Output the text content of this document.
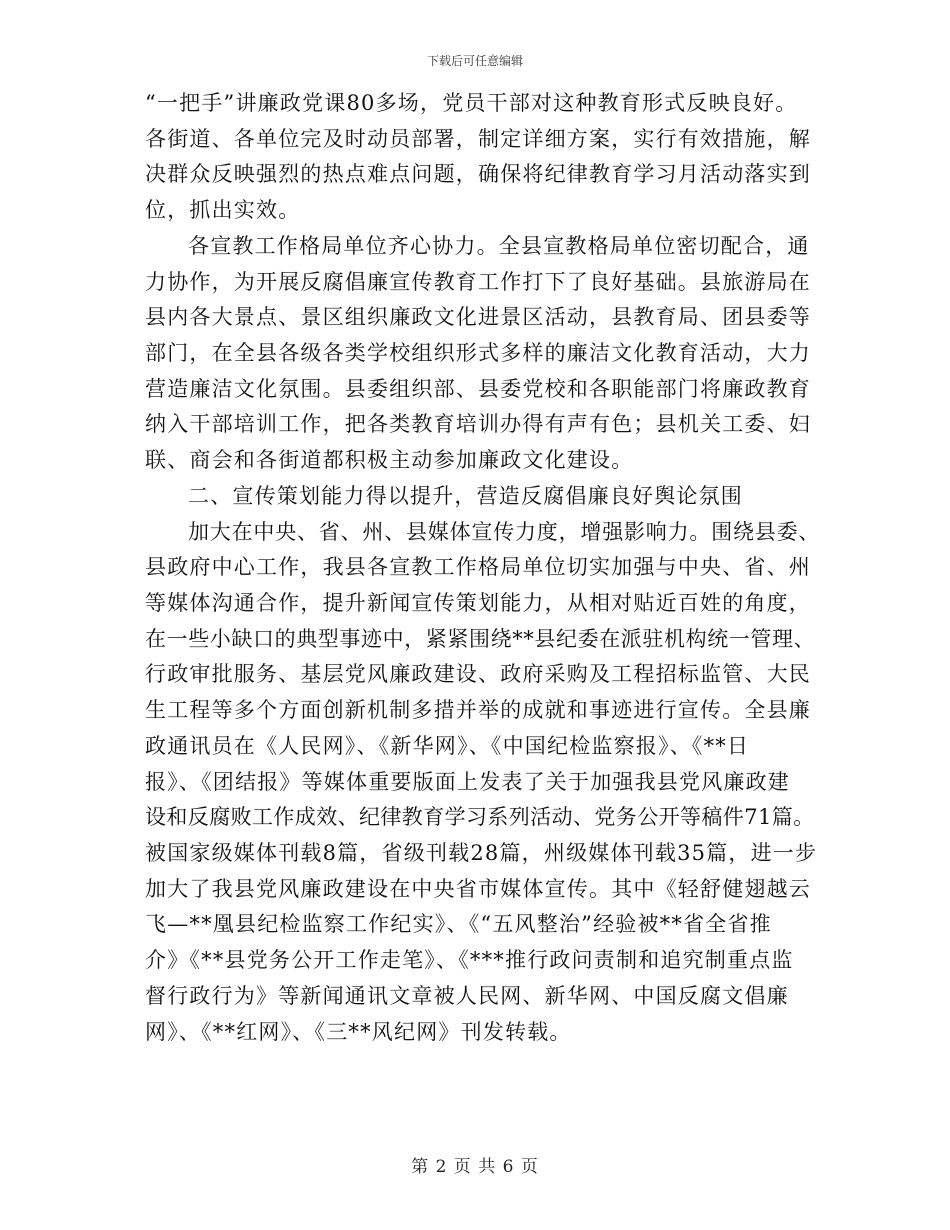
下载后可任意编辑
“一把手”讲廉政党课80多场，党员干部对这种教育形式反映良好。
各街道、各单位完及时动员部署，制定详细方案，实行有效措施，解
决群众反映强烈的热点难点问题，确保将纪律教育学习月活动落实到
位，抓出实效。
各宣教工作格局单位齐心协力。全县宣教格局单位密切配合，通
力协作，为开展反腐倡廉宣传教育工作打下了良好基础。县旅游局在
县内各大景点、景区组织廉政文化进景区活动，县教育局、团县委等
部门，在全县各级各类学校组织形式多样的廉洁文化教育活动，大力
营造廉洁文化氛围。县委组织部、县委党校和各职能部门将廉政教育
纳入干部培训工作，把各类教育培训办得有声有色；县机关工委、妇
联、商会和各街道都积极主动参加廉政文化建设。
二、宣传策划能力得以提升，营造反腐倡廉良好舆论氛围
加大在中央、省、州、县媒体宣传力度，增强影响力。围绕县委、
县政府中心工作，我县各宣教工作格局单位切实加强与中央、省、州
等媒体沟通合作，提升新闻宣传策划能力，从相对贴近百姓的角度，
在一些小缺口的典型事迹中，紧紧围绕**县纪委在派驻机构统一管理、
行政审批服务、基层党风廉政建设、政府采购及工程招标监管、大民
生工程等多个方面创新机制多措并举的成就和事迹进行宣传。全县廉
政通讯员在《人民网》、《新华网》、《中国纪检监察报》、《**日
报》、《团结报》等媒体重要版面上发表了关于加强我县党风廉政建
设和反腐败工作成效、纪律教育学习系列活动、党务公开等稿件71篇。
被国家级媒体刊载8篇，省级刊载28篇，州级媒体刊载35篇，进一步
加大了我县党风廉政建设在中央省市媒体宣传。其中《轻舒健翅越云
飞—**凰县纪检监察工作纪实》、《“五风整治”经验被**省全省推
介》《**县党务公开工作走笔》、《***推行政问责制和追究制重点监
督行政行为》等新闻通讯文章被人民网、新华网、中国反腐文倡廉
网》、《**红网》、《三**风纪网》刊发转载。
第 2 页 共 6 页
